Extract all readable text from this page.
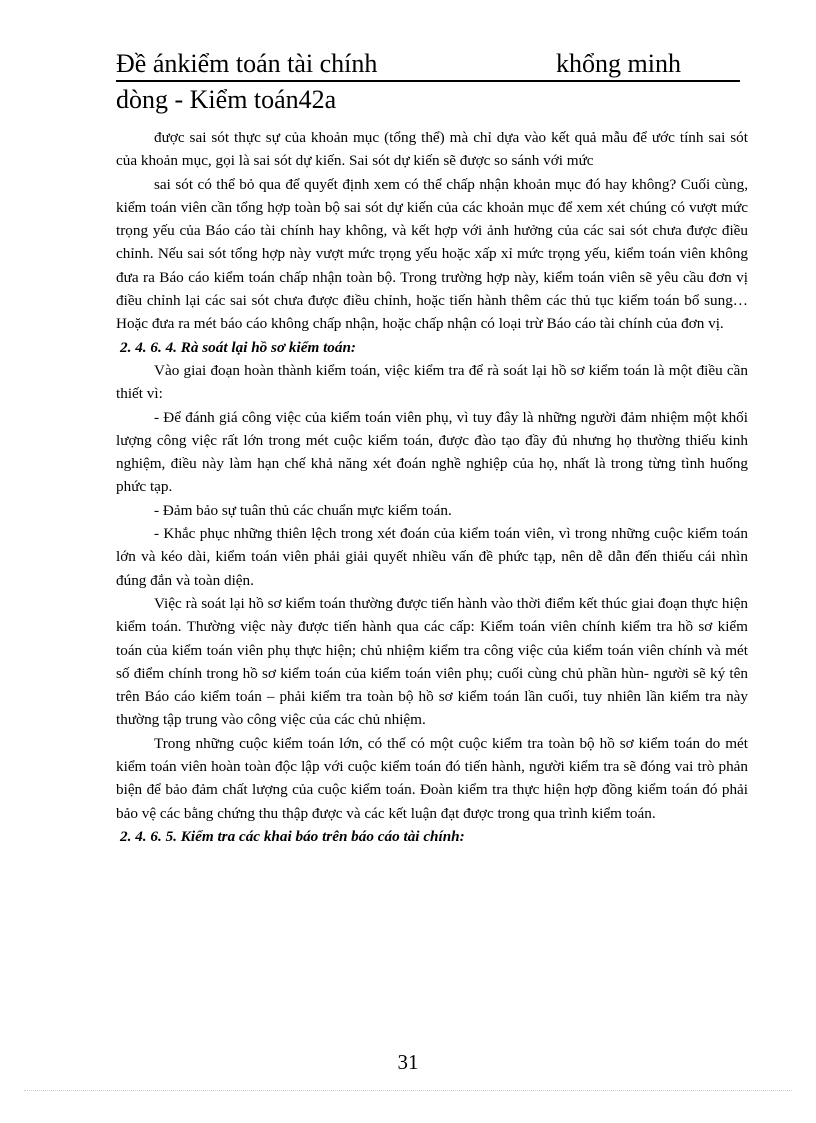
Đề ánkiểm toán tài chính	khổng minh
dòng - Kiểm toán42a

được sai sót thực sự của khoản mục (tổng thể) mà chỉ dựa vào kết quả mẫu để ước tính sai sót của khoản mục, gọi là sai sót dự kiến. Sai sót dự kiến sẽ được so sánh với mức

sai sót có thể bỏ qua để quyết định xem có thể chấp nhận khoản mục đó hay không? Cuối cùng, kiểm toán viên cần tổng hợp toàn bộ sai sót dự kiến của các khoản mục để xem xét chúng có vượt mức trọng yếu của Báo cáo tài chính hay không, và kết hợp với ảnh hưởng của các sai sót chưa được điều chỉnh. Nếu sai sót tổng hợp này vượt mức trọng yếu hoặc xấp xỉ mức trọng yếu, kiểm toán viên không đưa ra Báo cáo kiểm toán chấp nhận toàn bộ. Trong trường hợp này, kiểm toán viên sẽ yêu cầu đơn vị điều chỉnh lại các sai sót chưa được điều chỉnh, hoặc tiến hành thêm các thủ tục kiểm toán bổ sung… Hoặc đưa ra mét báo cáo không chấp nhận, hoặc chấp nhận có loại trừ Báo cáo tài chính của đơn vị.

2. 4. 6. 4. Rà soát lại hồ sơ kiểm toán:

Vào giai đoạn hoàn thành kiểm toán, việc kiểm tra để rà soát lại hồ sơ kiểm toán là một điều cần thiết vì:

- Để đánh giá công việc của kiểm toán viên phụ, vì tuy đây là những người đảm nhiệm một khối lượng công việc rất lớn trong mét cuộc kiểm toán, được đào tạo đầy đủ nhưng họ thường thiếu kinh nghiệm, điều này làm hạn chế khả năng xét đoán nghề nghiệp của họ, nhất là trong từng tình huống phức tạp.

- Đảm bảo sự tuân thủ các chuẩn mực kiểm toán.

- Khắc phục những thiên lệch trong xét đoán của kiểm toán viên, vì trong những cuộc kiểm toán lớn và kéo dài, kiểm toán viên phải giải quyết nhiều vấn đề phức tạp, nên dễ dẫn đến thiếu cái nhìn đúng đắn và toàn diện.

Việc rà soát lại hồ sơ kiểm toán thường được tiến hành vào thời điểm kết thúc giai đoạn thực hiện kiểm toán. Thường việc này được tiến hành qua các cấp: Kiểm toán viên chính kiểm tra hồ sơ kiểm toán của kiểm toán viên phụ thực hiện; chủ nhiệm kiểm tra công việc của kiểm toán viên chính và mét số điểm chính trong hồ sơ kiểm toán của kiểm toán viên phụ; cuối cùng chủ phần hùn- người sẽ ký tên trên Báo cáo kiểm toán – phải kiểm tra toàn bộ hồ sơ kiểm toán lần cuối, tuy nhiên lần kiểm tra này thường tập trung vào công việc của các chủ nhiệm.

Trong những cuộc kiểm toán lớn, có thể có một cuộc kiểm tra toàn bộ hồ sơ kiểm toán do mét kiểm toán viên hoàn toàn độc lập với cuộc kiểm toán đó tiến hành, người kiểm tra sẽ đóng vai trò phản biện để bảo đảm chất lượng của cuộc kiểm toán. Đoàn kiểm tra thực hiện hợp đồng kiểm toán đó phải bảo vệ các bằng chứng thu thập được và các kết luận đạt được trong qua trình kiểm toán.

2. 4. 6. 5. Kiểm tra các khai báo trên báo cáo tài chính:

31
